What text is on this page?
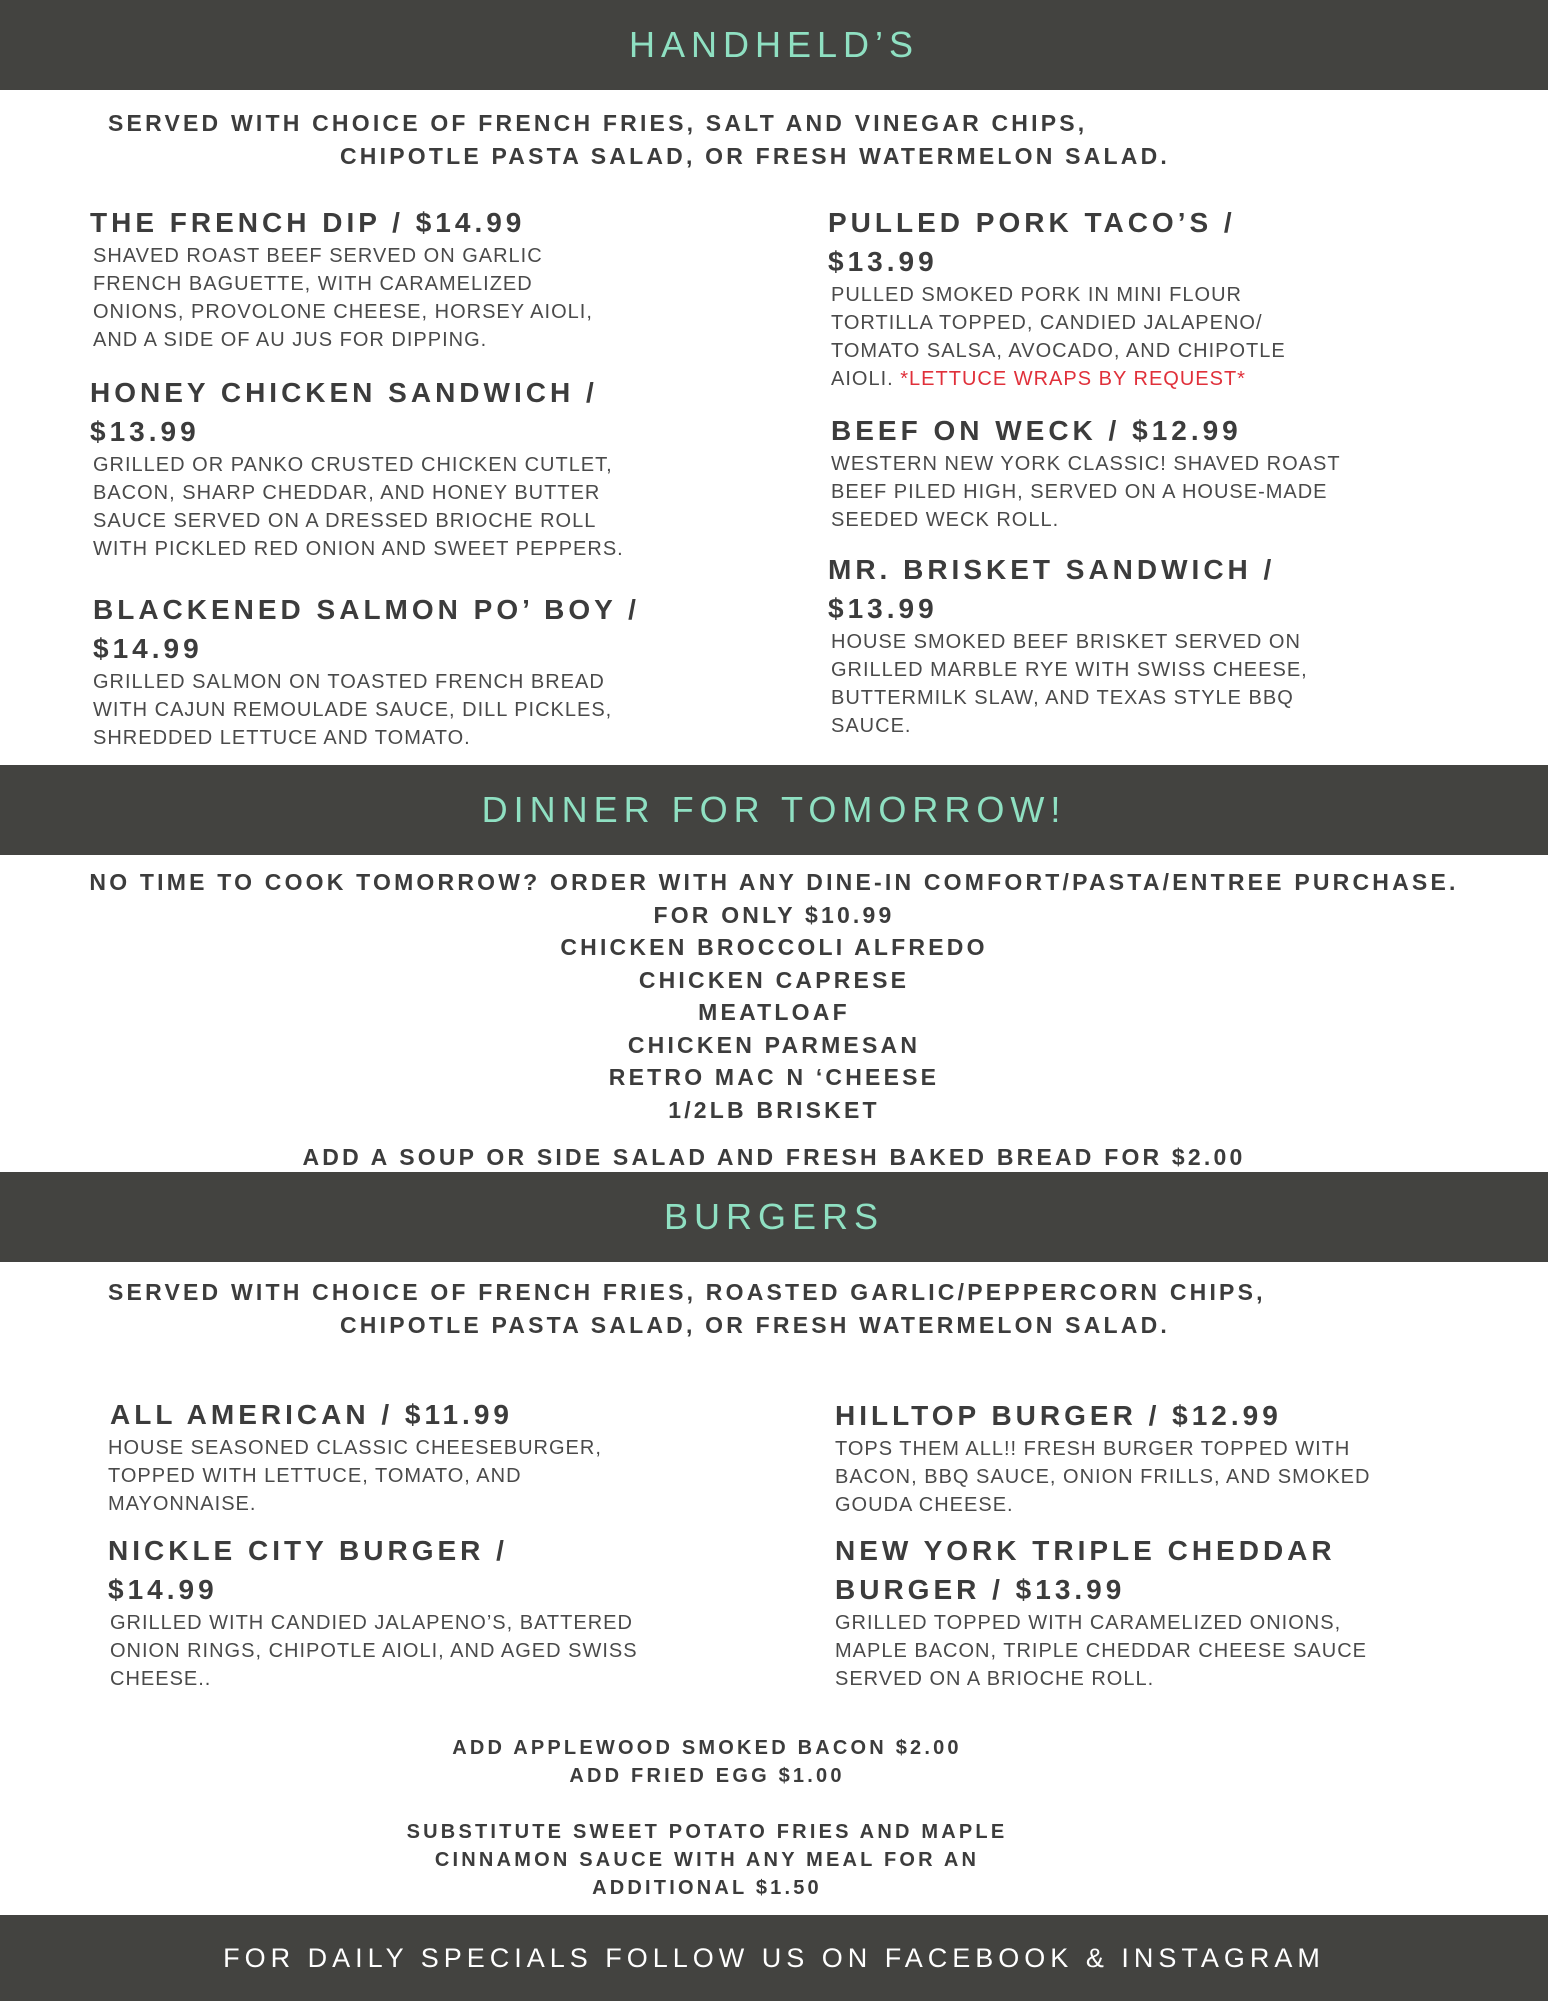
HANDHELD’S

SERVED WITH CHOICE OF FRENCH FRIES, SALT AND VINEGAR CHIPS,

CHIPOTLE PASTA SALAD, OR FRESH WATERMELON SALAD.

THE FRENCH DIP / $14.99

SHAVED ROAST BEEF SERVED ON GARLIC FRENCH BAGUETTE, WITH CARAMELIZED ONIONS, PROVOLONE CHEESE, HORSEY AIOLI, AND A SIDE OF AU JUS FOR DIPPING.

HONEY CHICKEN SANDWICH / $13.99

GRILLED OR PANKO CRUSTED CHICKEN CUTLET, BACON, SHARP CHEDDAR, AND HONEY BUTTER SAUCE SERVED ON A DRESSED BRIOCHE ROLL WITH PICKLED RED ONION AND SWEET PEPPERS.

BLACKENED SALMON PO’ BOY / $14.99

GRILLED SALMON ON TOASTED FRENCH BREAD WITH CAJUN REMOULADE SAUCE, DILL PICKLES, SHREDDED LETTUCE AND TOMATO.

PULLED PORK TACO’S / $13.99

PULLED SMOKED PORK IN MINI FLOUR TORTILLA TOPPED, CANDIED JALAPENO/ TOMATO SALSA, AVOCADO, AND CHIPOTLE AIOLI. *LETTUCE WRAPS BY REQUEST*

BEEF ON WECK / $12.99

WESTERN NEW YORK CLASSIC! SHAVED ROAST BEEF PILED HIGH, SERVED ON A HOUSE-MADE SEEDED WECK ROLL.

MR. BRISKET SANDWICH / $13.99

HOUSE SMOKED BEEF BRISKET SERVED ON GRILLED MARBLE RYE WITH SWISS CHEESE, BUTTERMILK SLAW, AND TEXAS STYLE BBQ SAUCE.

DINNER FOR TOMORROW!

NO TIME TO COOK TOMORROW? ORDER WITH ANY DINE-IN COMFORT/PASTA/ENTREE PURCHASE.

FOR ONLY $10.99

CHICKEN BROCCOLI ALFREDO

CHICKEN CAPRESE

MEATLOAF

CHICKEN PARMESAN

RETRO MAC N ‘CHEESE

1/2LB BRISKET

ADD A SOUP OR SIDE SALAD AND FRESH BAKED BREAD FOR $2.00

BURGERS

SERVED WITH CHOICE OF FRENCH FRIES, ROASTED GARLIC/PEPPERCORN CHIPS,

CHIPOTLE PASTA SALAD, OR FRESH WATERMELON SALAD.

ALL AMERICAN / $11.99

HOUSE SEASONED CLASSIC CHEESEBURGER, TOPPED WITH LETTUCE, TOMATO, AND MAYONNAISE.

NICKLE CITY BURGER / $14.99

GRILLED WITH CANDIED JALAPENO’S, BATTERED ONION RINGS, CHIPOTLE AIOLI, AND AGED SWISS CHEESE..

HILLTOP BURGER / $12.99

TOPS THEM ALL!! FRESH BURGER TOPPED WITH BACON, BBQ SAUCE, ONION FRILLS, AND SMOKED GOUDA CHEESE.

NEW YORK TRIPLE CHEDDAR BURGER / $13.99

GRILLED TOPPED WITH CARAMELIZED ONIONS, MAPLE BACON, TRIPLE CHEDDAR CHEESE SAUCE SERVED ON A BRIOCHE ROLL.

ADD APPLEWOOD SMOKED BACON $2.00

ADD FRIED EGG $1.00

SUBSTITUTE SWEET POTATO FRIES AND MAPLE

CINNAMON SAUCE WITH ANY MEAL FOR AN

ADDITIONAL $1.50

FOR DAILY SPECIALS FOLLOW US ON FACEBOOK & INSTAGRAM
